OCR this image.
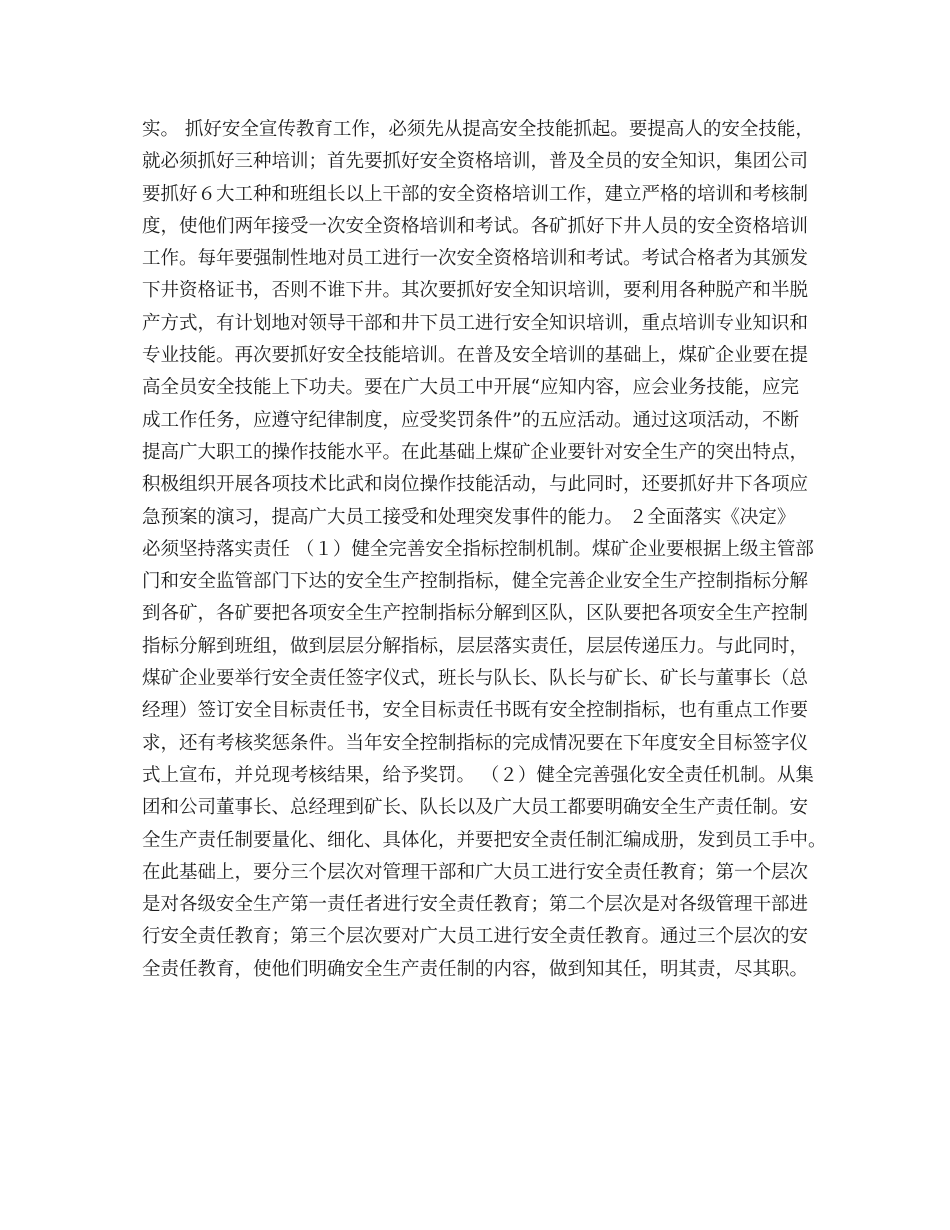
实。 抓好安全宣传教育工作，必须先从提高安全技能抓起。要提高人的安全技能，
就必须抓好三种培训；首先要抓好安全资格培训，普及全员的安全知识，集团公司
要抓好６大工种和班组长以上干部的安全资格培训工作，建立严格的培训和考核制
度，使他们两年接受一次安全资格培训和考试。各矿抓好下井人员的安全资格培训
工作。每年要强制性地对员工进行一次安全资格培训和考试。考试合格者为其颁发
下井资格证书，否则不谁下井。其次要抓好安全知识培训，要利用各种脱产和半脱
产方式，有计划地对领导干部和井下员工进行安全知识培训，重点培训专业知识和
专业技能。再次要抓好安全技能培训。在普及安全培训的基础上，煤矿企业要在提
高全员安全技能上下功夫。要在广大员工中开展“应知内容，应会业务技能，应完
成工作任务，应遵守纪律制度，应受奖罚条件”的五应活动。通过这项活动，不断
提高广大职工的操作技能水平。在此基础上煤矿企业要针对安全生产的突出特点，
积极组织开展各项技术比武和岗位操作技能活动，与此同时，还要抓好井下各项应
急预案的演习，提高广大员工接受和处理突发事件的能力。 ２全面落实《决定》
必须坚持落实责任 （１）健全完善安全指标控制机制。煤矿企业要根据上级主管部
门和安全监管部门下达的安全生产控制指标，健全完善企业安全生产控制指标分解
到各矿，各矿要把各项安全生产控制指标分解到区队，区队要把各项安全生产控制
指标分解到班组，做到层层分解指标，层层落实责任，层层传递压力。与此同时，
煤矿企业要举行安全责任签字仪式，班长与队长、队长与矿长、矿长与董事长（总
经理）签订安全目标责任书，安全目标责任书既有安全控制指标，也有重点工作要
求，还有考核奖惩条件。当年安全控制指标的完成情况要在下年度安全目标签字仪
式上宣布，并兑现考核结果，给予奖罚。 （２）健全完善强化安全责任机制。从集
团和公司董事长、总经理到矿长、队长以及广大员工都要明确安全生产责任制。安
全生产责任制要量化、细化、具体化，并要把安全责任制汇编成册，发到员工手中。
在此基础上，要分三个层次对管理干部和广大员工进行安全责任教育；第一个层次
是对各级安全生产第一责任者进行安全责任教育；第二个层次是对各级管理干部进
行安全责任教育；第三个层次要对广大员工进行安全责任教育。通过三个层次的安
全责任教育，使他们明确安全生产责任制的内容，做到知其任，明其责，尽其职。
